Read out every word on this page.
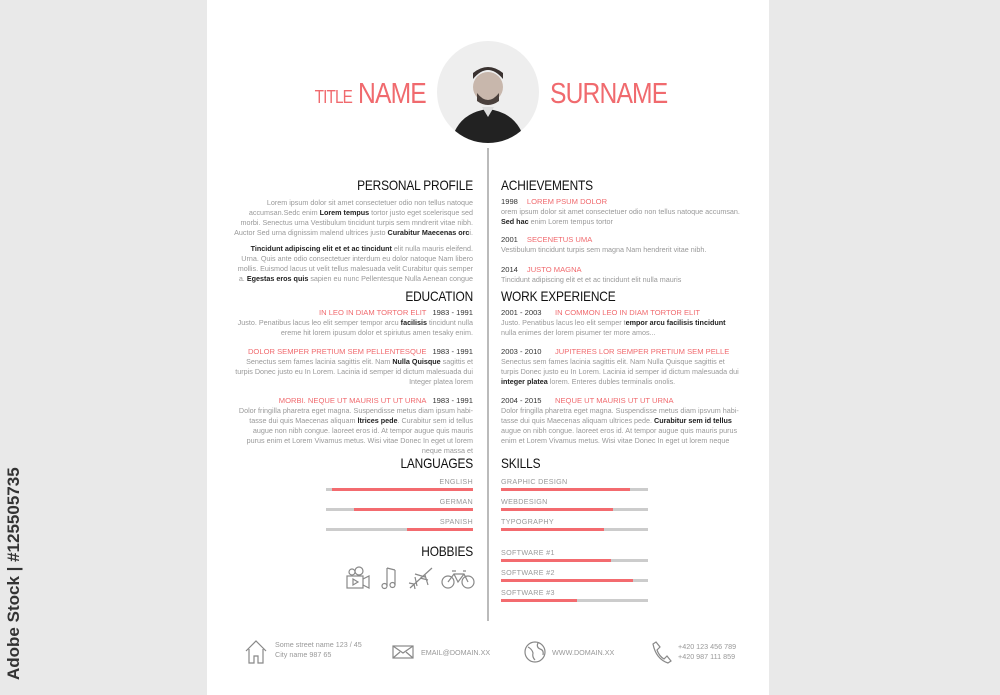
Adobe Stock | #125505735
TITLE NAME	SURNAME
PERSONAL PROFILE

Lorem ipsum dolor sit amet consectetuer odio non tellus natoque accumsan.Sedc enim Lorem tempus tortor justo eget scelerisque sed morbi. Senectus urna Vestibulum tincidunt turpis sem mndrerit vitae nibh. Auctor Sed urna dignissim malend ultrices justo Curabitur Maecenas orci.

Tincidunt adipiscing elit et et ac tincidunt elit nulla mauris eleifend. Urna. Quis ante odio consectetuer interdum eu dolor natoque Nam libero mollis. Euismod lacus ut velit tellus malesuada velit Curabitur quis semper a. Egestas eros quis sapien eu nunc Pellentesque Nulla Aenean congue

ACHIEVEMENTS
1998 LOREM PSUM DOLOR

orem ipsum dolor sit amet consectetuer odio non tellus natoque accumsan. Sed hac enim Lorem tempus tortor

2001 SECENETUS UMA

Vestibulum tincidunt turpis sem magna Nam hendrerit vitae nibh.

2014 JUSTO MAGNA

Tincidunt adipiscing elit et et ac tincidunt elit nulla mauris

EDUCATION
IN LEO IN DIAM TORTOR ELIT 1983 - 1991

Justo. Penatibus lacus leo elit semper tempor arcu facilisis tincidunt nulla ereme hit lorem ipusum dolor et spiriutus amen tesaky enim.

DOLOR SEMPER PRETIUM SEM PELLENTESQUE 1983 - 1991

Senectus sem fames lacinia sagittis elit. Nam Nulla Quisque sagittis et turpis Donec justo eu In Lorem. Lacinia id semper id dictum malesuada dui Integer platea lorem

MORBI. NEQUE UT MAURIS UT UT URNA 1983 - 1991

Dolor fringilla pharetra eget magna. Suspendisse metus diam ipsum habi-tasse dui quis Maecenas aliquam ltrices pede. Curabitur sem id tellus augue non nibh congue. laoreet eros id. At tempor augue quis mauris purus enim et Lorem Vivamus metus. Wisi vitae Donec In eget ut lorem neque massa et

WORK EXPERIENCE
2001 - 2003 IN COMMON LEO IN DIAM TORTOR ELIT

Justo. Penatibus lacus leo elit semper tempor arcu facilisis tincidunt nulla enimes der lorem pisumer ter more amos...

2003 - 2010 JUPITERES LOR SEMPER PRETIUM SEM PELLE

Senectus sem fames lacinia sagittis elit. Nam Nulla Quisque sagittis et turpis Donec justo eu In Lorem. Lacinia id semper id dictum malesuada dui integer platea lorem. Enteres dubles terminalis onolis.

2004 - 2015 NEQUE UT MAURIS UT UT URNA

Dolor fringilla pharetra eget magna. Suspendisse metus diam ipsvum habi-tasse dui quis Maecenas aliquam ultrices pede. Curabitur sem id tellus augue on nibh congue. laoreet eros id. At tempor augue quis mauris purus enim et Lorem Vivamus metus. Wisi vitae Donec In eget ut lorem neque

LANGUAGES
ENGLISH
GERMAN
SPANISH
SKILLS
GRAPHIC DESIGN
WEBDESIGN
TYPOGRAPHY
SOFTWARE #1
SOFTWARE #2
SOFTWARE #3
HOBBIES
Some street name 123 / 45
City name 987 65	EMAIL@DOMAIN.XX	WWW.DOMAIN.XX
+420 123 456 789
+420 987 111 859
